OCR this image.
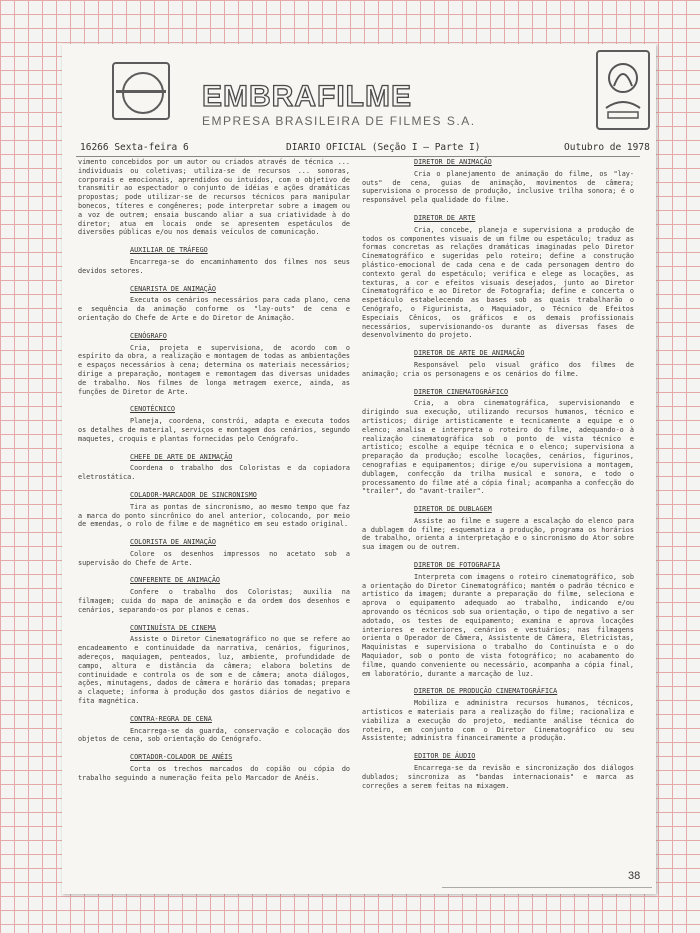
EMBRAFILME
EMPRESA BRASILEIRA DE FILMES S.A.
16266 Sexta-feira 6	DIARIO OFICIAL (Seção I — Parte I)	Outubro de 1978

vimento concebidos por um autor ou criados através de técnica ... individuais ou coletivas; utiliza-se de recursos ... sonoras, corporais e emocionais, aprendidos ou intuídos, com o objetivo de transmitir ao espectador o conjunto de idéias e ações dramáticas propostas; pode utilizar-se de recursos técnicos para manipular bonecos, títeres e congêneres; pode interpretar sobre a imagem ou a voz de outrem; ensaia buscando aliar a sua criatividade à do diretor; atua em locais onde se apresentem espetáculos de diversões públicas e/ou nos demais veículos de comunicação.

AUXILIAR DE TRÁFEGO

Encarrega-se do encaminhamento dos filmes nos seus devidos setores.

CENARISTA DE ANIMAÇÃO

Executa os cenários necessários para cada plano, cena e sequência da animação conforme os "lay-outs" de cena e orientação do Chefe de Arte e do Diretor de Animação.

CENÓGRAFO

Cria, projeta e supervisiona, de acordo com o espírito da obra, a realização e montagem de todas as ambientações e espaços necessários à cena; determina os materiais necessários; dirige a preparação, montagem e remontagem das diversas unidades de trabalho. Nos filmes de longa metragem exerce, ainda, as funções de Diretor de Arte.

CENOTÉCNICO

Planeja, coordena, constrói, adapta e executa todos os detalhes de material, serviços e montagem dos cenários, segundo maquetes, croquis e plantas fornecidas pelo Cenógrafo.

CHEFE DE ARTE DE ANIMAÇÃO

Coordena o trabalho dos Coloristas e da copiadora eletrostática.

COLADOR-MARCADOR DE SINCRONISMO

Tira as pontas de sincronismo, ao mesmo tempo que faz a marca do ponto sincrônico do anel anterior, colocando, por meio de emendas, o rolo de filme e de magnético em seu estado original.

COLORISTA DE ANIMAÇÃO

Colore os desenhos impressos no acetato sob a supervisão do Chefe de Arte.

CONFERENTE DE ANIMAÇÃO

Confere o trabalho dos Coloristas; auxilia na filmagem; cuida do mapa de animação e da ordem dos desenhos e cenários, separando-os por planos e cenas.

CONTINUÍSTA DE CINEMA

Assiste o Diretor Cinematográfico no que se refere ao encadeamento e continuidade da narrativa, cenários, figurinos, adereços, maquiagem, penteados, luz, ambiente, profundidade de campo, altura e distância da câmera; elabora boletins de continuidade e controla os de som e de câmera; anota diálogos, ações, minutagens, dados de câmera e horário das tomadas; prepara a claquete; informa à produção dos gastos diários de negativo e fita magnética.

CONTRA-REGRA DE CENA

Encarrega-se da guarda, conservação e colocação dos objetos de cena, sob orientação do Cenógrafo.

CORTADOR-COLADOR DE ANÉIS

Corta os trechos marcados do copião ou cópia do trabalho seguindo a numeração feita pelo Marcador de Anéis.

DIRETOR DE ANIMAÇÃO

Cria o planejamento de animação do filme, os "lay-outs" de cena, guias de animação, movimentos de câmera; supervisiona o processo de produção, inclusive trilha sonora; é o responsável pela qualidade do filme.

DIRETOR DE ARTE

Cria, concebe, planeja e supervisiona a produção de todos os componentes visuais de um filme ou espetáculo; traduz as formas concretas as relações dramáticas imaginadas pelo Diretor Cinematográfico e sugeridas pelo roteiro; define a construção plástico-emocional de cada cena e de cada personagem dentro do contexto geral do espetáculo; verifica e elege as locações, as texturas, a cor e efeitos visuais desejados, junto ao Diretor Cinematográfico e ao Diretor de Fotografia; define e concerta o espetáculo estabelecendo as bases sob as quais trabalharão o Cenógrafo, o Figurinista, o Maquiador, o Técnico de Efeitos Especiais Cênicos, os gráficos e os demais profissionais necessários, supervisionando-os durante as diversas fases de desenvolvimento do projeto.

DIRETOR DE ARTE DE ANIMAÇÃO

Responsável pelo visual gráfico dos filmes de animação; cria os personagens e os cenários do filme.

DIRETOR CINEMATOGRÁFICO

Cria, a obra cinematográfica, supervisionando e dirigindo sua execução, utilizando recursos humanos, técnico e artísticos; dirige artisticamente e tecnicamente a equipe e o elenco; analisa e interpreta o roteiro do filme, adequando-o à realização cinematográfica sob o ponto de vista técnico e artístico; escolhe a equipe técnica e o elenco; supervisiona a preparação da produção; escolhe locações, cenários, figurinos, cenografias e equipamentos; dirige e/ou supervisiona a montagem, dublagem, confecção da trilha musical e sonora, e todo o processamento do filme até a cópia final; acompanha a confecção do "trailer", do "avant-trailer".

DIRETOR DE DUBLAGEM

Assiste ao filme e sugere a escalação do elenco para a dublagem do filme; esquematiza a produção, programa os horários de trabalho, orienta a interpretação e o sincronismo do Ator sobre sua imagem ou de outrem.

DIRETOR DE FOTOGRAFIA

Interpreta com imagens o roteiro cinematográfico, sob a orientação do Diretor Cinematográfico; mantém o padrão técnico e artístico da imagem; durante a preparação do filme, seleciona e aprova o equipamento adequado ao trabalho, indicando e/ou aprovando os técnicos sob sua orientação, o tipo de negativo a ser adotado, os testes de equipamento; examina e aprova locações interiores e exteriores, cenários e vestuários; nas filmagens orienta o Operador de Câmera, Assistente de Câmera, Eletricistas, Maquinistas e supervisiona o trabalho do Continuísta e o do Maquiador, sob o ponto de vista fotográfico; no acabamento do filme, quando conveniente ou necessário, acompanha a cópia final, em laboratório, durante a marcação de luz.

DIRETOR DE PRODUÇÃO CINEMATOGRÁFICA

Mobiliza e administra recursos humanos, técnicos, artísticos e materiais para a realização do filme; racionaliza e viabiliza a execução do projeto, mediante análise técnica do roteiro, em conjunto com o Diretor Cinematográfico ou seu Assistente; administra financeiramente a produção.

EDITOR DE ÁUDIO

Encarrega-se da revisão e sincronização dos diálogos dublados; sincroniza as "bandas internacionais" e marca as correções a serem feitas na mixagem.

38
